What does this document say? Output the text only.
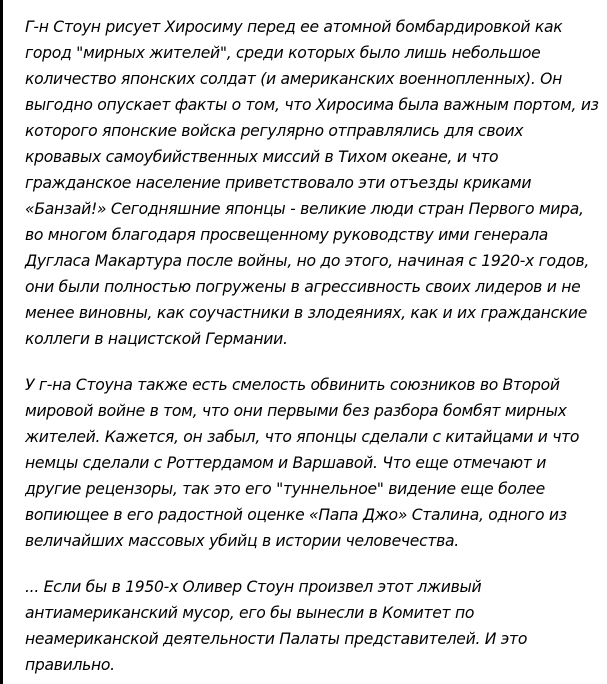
Г-н Стоун рисует Хиросиму перед ее атомной бомбардировкой как город "мирных жителей", среди которых было лишь небольшое количество японских солдат (и американских военнопленных). Он выгодно опускает факты о том, что Хиросима была важным портом, из которого японские войска регулярно отправлялись для своих кровавых самоубийственных миссий в Тихом океане, и что гражданское население приветствовало эти отъезды криками «Банзай!» Сегодняшние японцы - великие люди стран Первого мира, во многом благодаря просвещенному руководству ими генерала Дугласа Макартура после войны, но до этого, начиная с 1920-х годов, они были полностью погружены в агрессивность своих лидеров и не менее виновны, как соучастники в злодеяниях, как и их гражданские коллеги в нацистской Германии.

У г-на Стоуна также есть смелость обвинить союзников во Второй мировой войне в том, что они первыми без разбора бомбят мирных жителей. Кажется, он забыл, что японцы сделали с китайцами и что немцы сделали с Роттердамом и Варшавой. Что еще отмечают и другие рецензоры, так это его "туннельное" видение еще более вопиющее в его радостной оценке «Папа Джо» Сталина, одного из величайших массовых убийц в истории человечества.

... Если бы в 1950-х Оливер Стоун произвел этот лживый антиамериканский мусор, его бы вынесли в Комитет по неамериканской деятельности Палаты представителей. И это правильно.
